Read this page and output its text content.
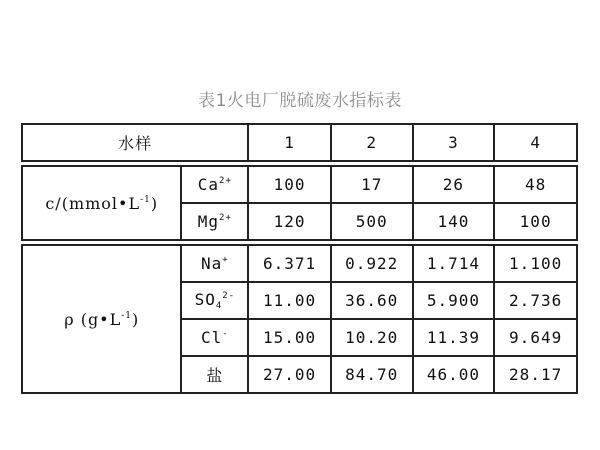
表1火电厂脱硫废水指标表
水样		1	2	3	4

$c/(mmol•L^{-1})$	$Ca^{2+}$	100	17	26	48
	$Mg^{2+}$	120	500	140	100

ρ $(g•L^{-1})$	Na+	6.371	0.922	1.714	1.100
	$SO_4^{2-}$	11.00	36.60	5.900	2.736
	Cl-	15.00	10.20	11.39	9.649
	盐	27.00	84.70	46.00	28.17
